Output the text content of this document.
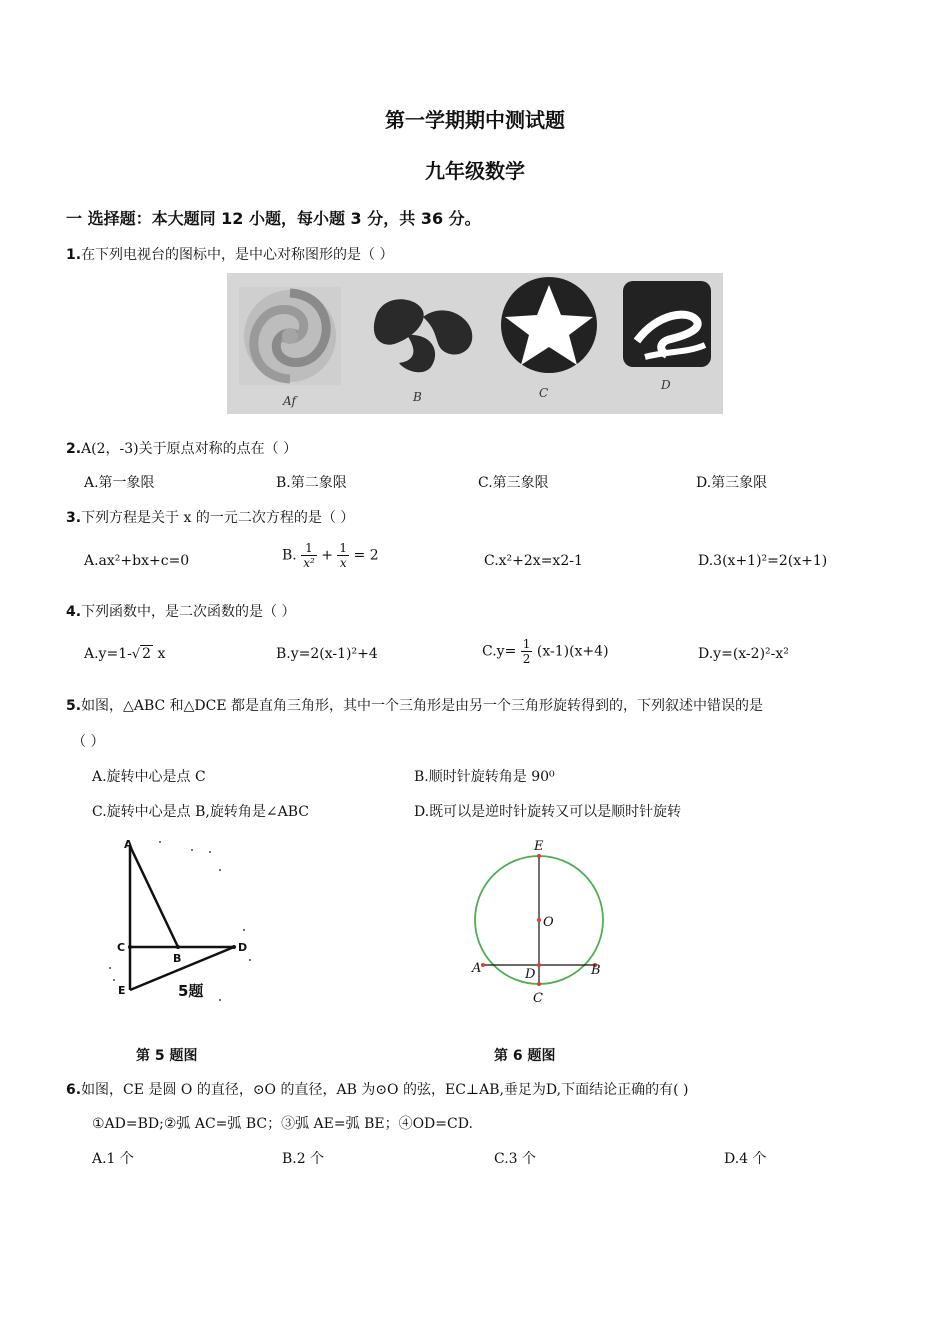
第一学期期中测试题
九年级数学
一 选择题：本大题同 12 小题，每小题 3 分，共 36 分。
1.在下列电视台的图标中，是中心对称图形的是（ ）
Af	B	C
D
2.A(2，-3)关于原点对称的点在（ ）
A.第一象限	B.第二象限	C.第三象限	D.第三象限
3.下列方程是关于 x 的一元二次方程的是（ ）
A.ax²+bx+c=0	B. $\frac{1}{\text{x²}} + \frac{1}{x} = 2$	C.x²+2x=x2-1	D.3(x+1)²=2(x+1)
4.下列函数中，是二次函数的是（ ）
A.y=1-√ 2 x	B.y=2(x-1)²+4	$C.y= \frac{1}{2} (x-1)(x+4)$	D.y=(x-2)²-x²
5.如图，△ABC 和△DCE 都是直角三角形，其中一个三角形是由另一个三角形旋转得到的，下列叙述中错误的是
（ ）
A.旋转中心是点 C	B.顺时针旋转角是 90⁰
C.旋转中心是点 B,旋转角是∠ABC	D.既可以是逆时针旋转又可以是顺时针旋转
A
C
B
D
E	5题
E
O
A	D	B
C
第 5 题图	第 6 题图
6.如图，CE 是圆 O 的直径，⊙O 的直径，AB 为⊙O 的弦，EC⊥AB,垂足为D,下面结论正确的有( )
①AD=BD;②弧 AC=弧 BC；③弧 AE=弧 BE；④OD=CD.
A.1 个	B.2 个	C.3 个	D.4 个
